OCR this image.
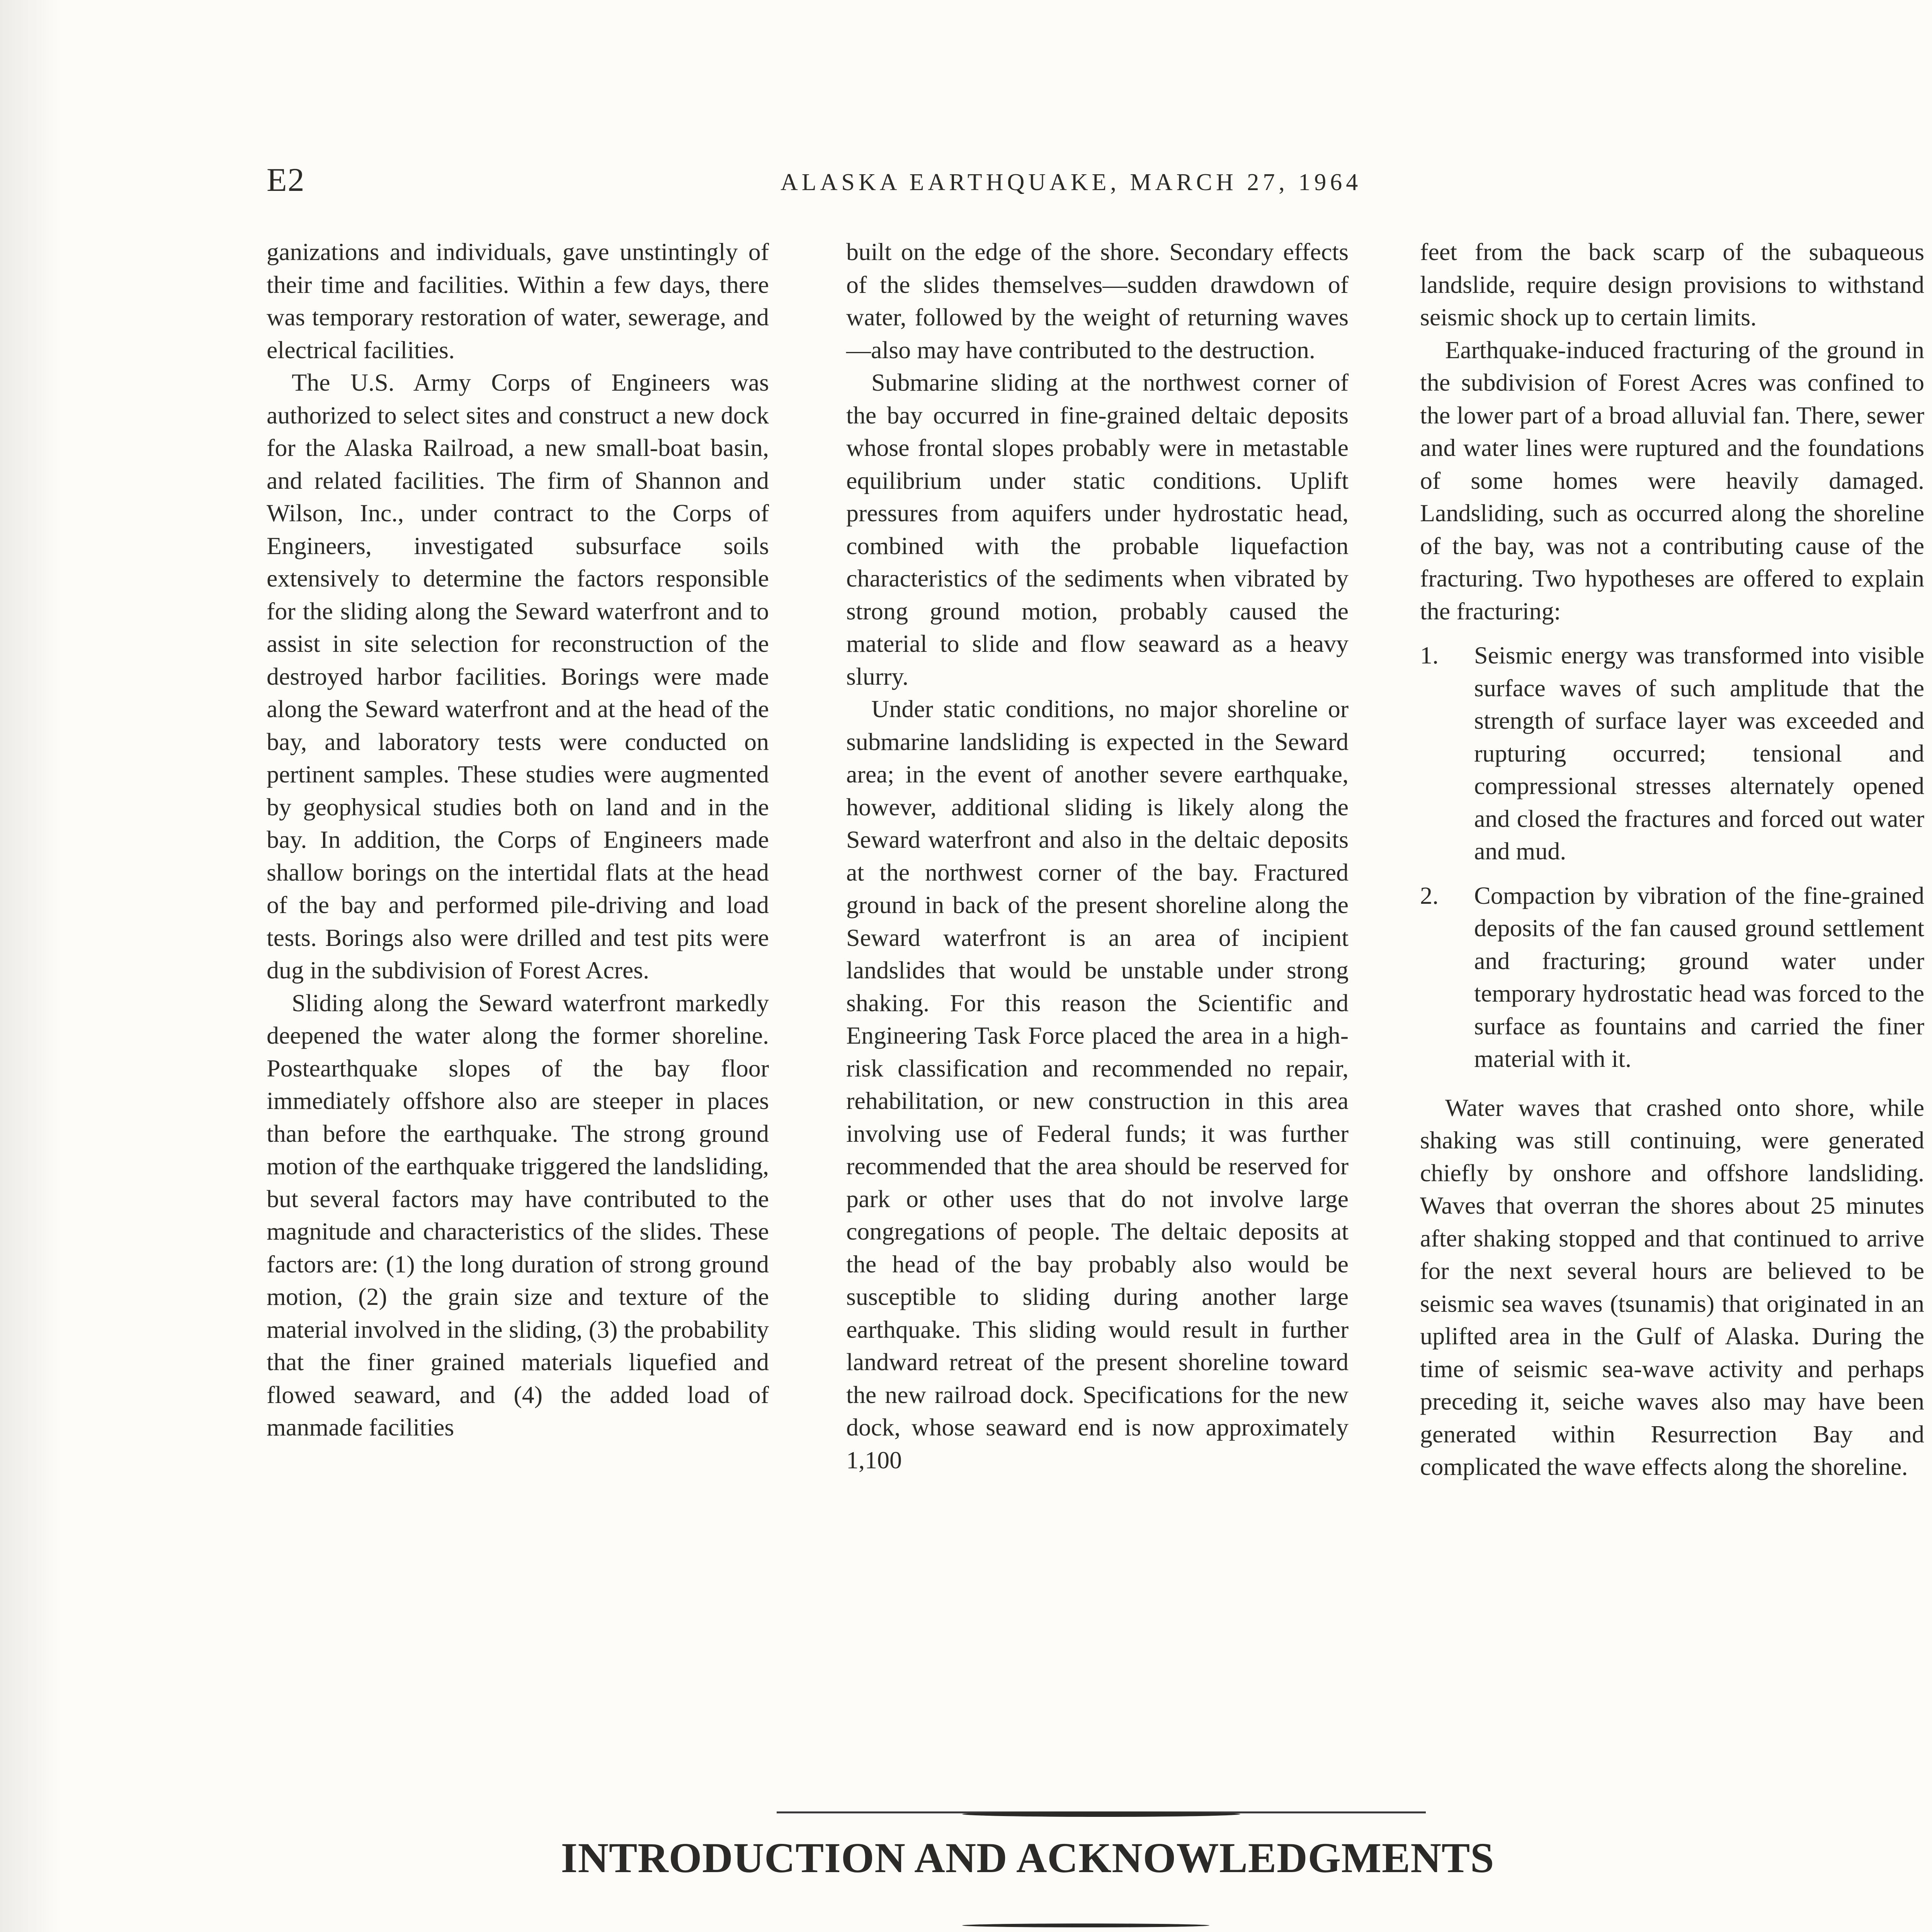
E2	ALASKA EARTHQUAKE, MARCH 27, 1964

ganizations and individuals, gave unstintingly of their time and facilities. Within a few days, there was temporary restoration of water, sewerage, and electrical facilities.

The U.S. Army Corps of Engineers was authorized to select sites and construct a new dock for the Alaska Railroad, a new small-boat basin, and related facilities. The firm of Shannon and Wilson, Inc., under contract to the Corps of Engineers, investigated subsurface soils extensively to determine the factors responsible for the sliding along the Seward waterfront and to assist in site selection for reconstruction of the destroyed harbor facilities. Borings were made along the Seward waterfront and at the head of the bay, and laboratory tests were conducted on pertinent samples. These studies were augmented by geophysical studies both on land and in the bay. In addition, the Corps of Engineers made shallow borings on the intertidal flats at the head of the bay and performed pile-driving and load tests. Borings also were drilled and test pits were dug in the subdivision of Forest Acres.

Sliding along the Seward waterfront markedly deepened the water along the former shoreline. Postearthquake slopes of the bay floor immediately offshore also are steeper in places than before the earthquake. The strong ground motion of the earthquake triggered the landsliding, but several factors may have contributed to the magnitude and characteristics of the slides. These factors are: (1) the long duration of strong ground motion, (2) the grain size and texture of the material involved in the sliding, (3) the probability that the finer grained materials liquefied and flowed seaward, and (4) the added load of manmade facilities

built on the edge of the shore. Secondary effects of the slides themselves—sudden drawdown of water, followed by the weight of returning waves—also may have contributed to the destruction.

Submarine sliding at the northwest corner of the bay occurred in fine-grained deltaic deposits whose frontal slopes probably were in metastable equilibrium under static conditions. Uplift pressures from aquifers under hydrostatic head, combined with the probable liquefaction characteristics of the sediments when vibrated by strong ground motion, probably caused the material to slide and flow seaward as a heavy slurry.

Under static conditions, no major shoreline or submarine landsliding is expected in the Seward area; in the event of another severe earthquake, however, additional sliding is likely along the Seward waterfront and also in the deltaic deposits at the northwest corner of the bay. Fractured ground in back of the present shoreline along the Seward waterfront is an area of incipient landslides that would be unstable under strong shaking. For this reason the Scientific and Engineering Task Force placed the area in a high-risk classification and recommended no repair, rehabilitation, or new construction in this area involving use of Federal funds; it was further recommended that the area should be reserved for park or other uses that do not involve large congregations of people. The deltaic deposits at the head of the bay probably also would be susceptible to sliding during another large earthquake. This sliding would result in further landward retreat of the present shoreline toward the new railroad dock. Specifications for the new dock, whose seaward end is now approximately 1,100

feet from the back scarp of the subaqueous landslide, require design provisions to withstand seismic shock up to certain limits.

Earthquake-induced fracturing of the ground in the subdivision of Forest Acres was confined to the lower part of a broad alluvial fan. There, sewer and water lines were ruptured and the foundations of some homes were heavily damaged. Landsliding, such as occurred along the shoreline of the bay, was not a contributing cause of the fracturing. Two hypotheses are offered to explain the fracturing:

1. Seismic energy was transformed into visible surface waves of such amplitude that the strength of surface layer was exceeded and rupturing occurred; tensional and compressional stresses alternately opened and closed the fractures and forced out water and mud.
2. Compaction by vibration of the fine-grained deposits of the fan caused ground settlement and fracturing; ground water under temporary hydrostatic head was forced to the surface as fountains and carried the finer material with it.

Water waves that crashed onto shore, while shaking was still continuing, were generated chiefly by onshore and offshore landsliding. Waves that overran the shores about 25 minutes after shaking stopped and that continued to arrive for the next several hours are believed to be seismic sea waves (tsunamis) that originated in an uplifted area in the Gulf of Alaska. During the time of seismic sea-wave activity and perhaps preceding it, seiche waves also may have been generated within Resurrection Bay and complicated the wave effects along the shoreline.

INTRODUCTION AND ACKNOWLEDGMENTS
